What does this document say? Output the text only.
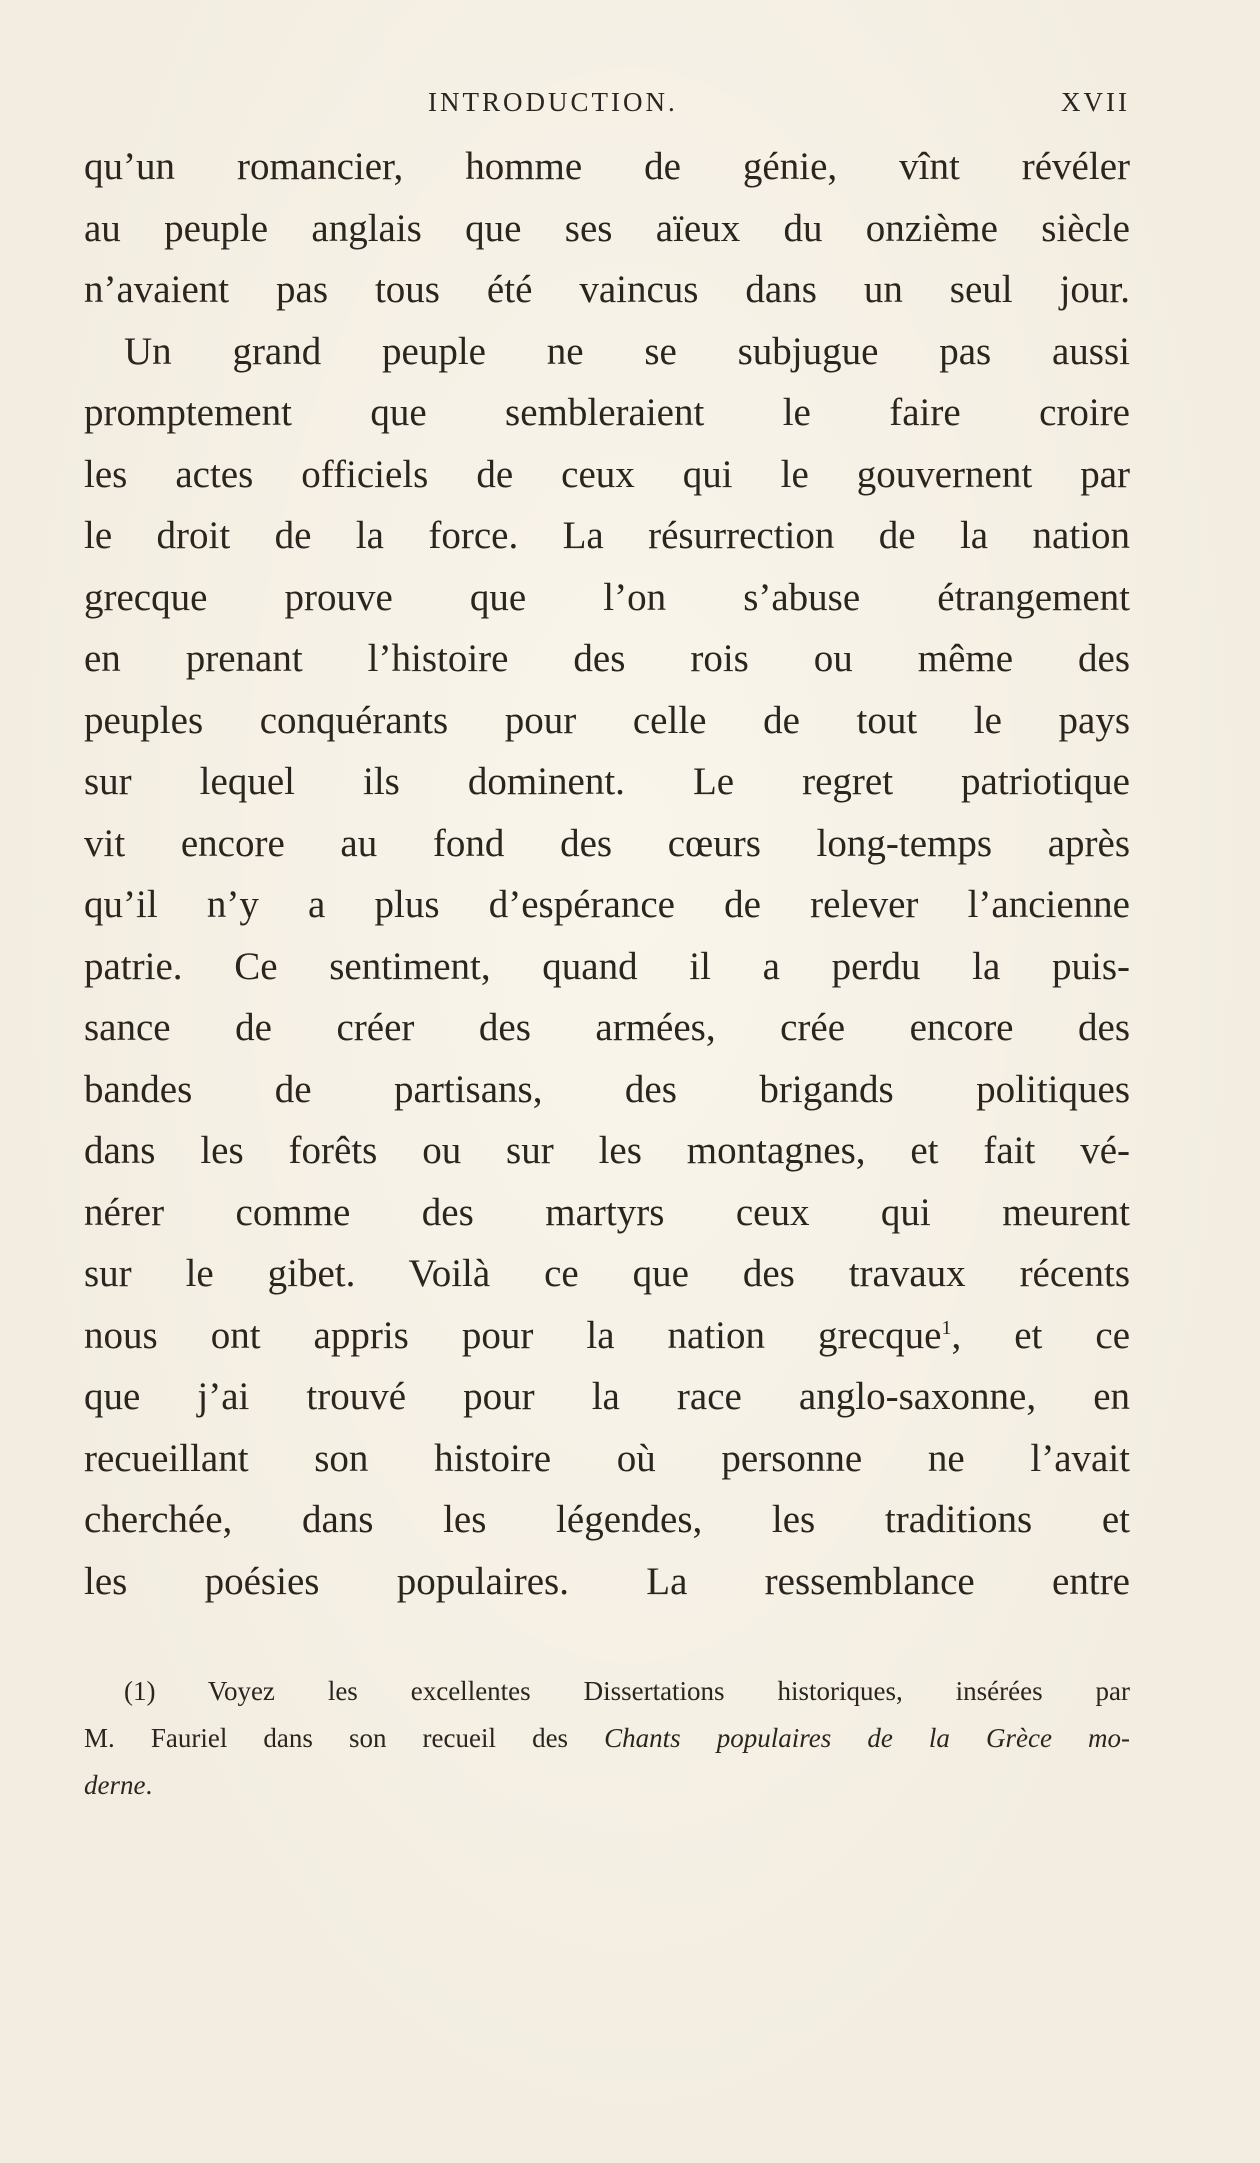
INTRODUCTION.	XVII
qu’un romancier, homme de génie, vînt révéler
au peuple anglais que ses aïeux du onzième siècle
n’avaient pas tous été vaincus dans un seul jour.
Un grand peuple ne se subjugue pas aussi
promptement que sembleraient le faire croire
les actes officiels de ceux qui le gouvernent par
le droit de la force. La résurrection de la nation
grecque prouve que l’on s’abuse étrangement
en prenant l’histoire des rois ou même des
peuples conquérants pour celle de tout le pays
sur lequel ils dominent. Le regret patriotique
vit encore au fond des cœurs long-temps après
qu’il n’y a plus d’espérance de relever l’ancienne
patrie. Ce sentiment, quand il a perdu la puis-
sance de créer des armées, crée encore des
bandes de partisans, des brigands politiques
dans les forêts ou sur les montagnes, et fait vé-
nérer comme des martyrs ceux qui meurent
sur le gibet. Voilà ce que des travaux récents
nous ont appris pour la nation grecque$^1$, et ce
que j’ai trouvé pour la race anglo-saxonne, en
recueillant son histoire où personne ne l’avait
cherchée, dans les légendes, les traditions et
les poésies populaires. La ressemblance entre
(1) Voyez les excellentes Dissertations historiques, insérées par
M. Fauriel dans son recueil des Chants populaires de la Grèce mo-
derne.
